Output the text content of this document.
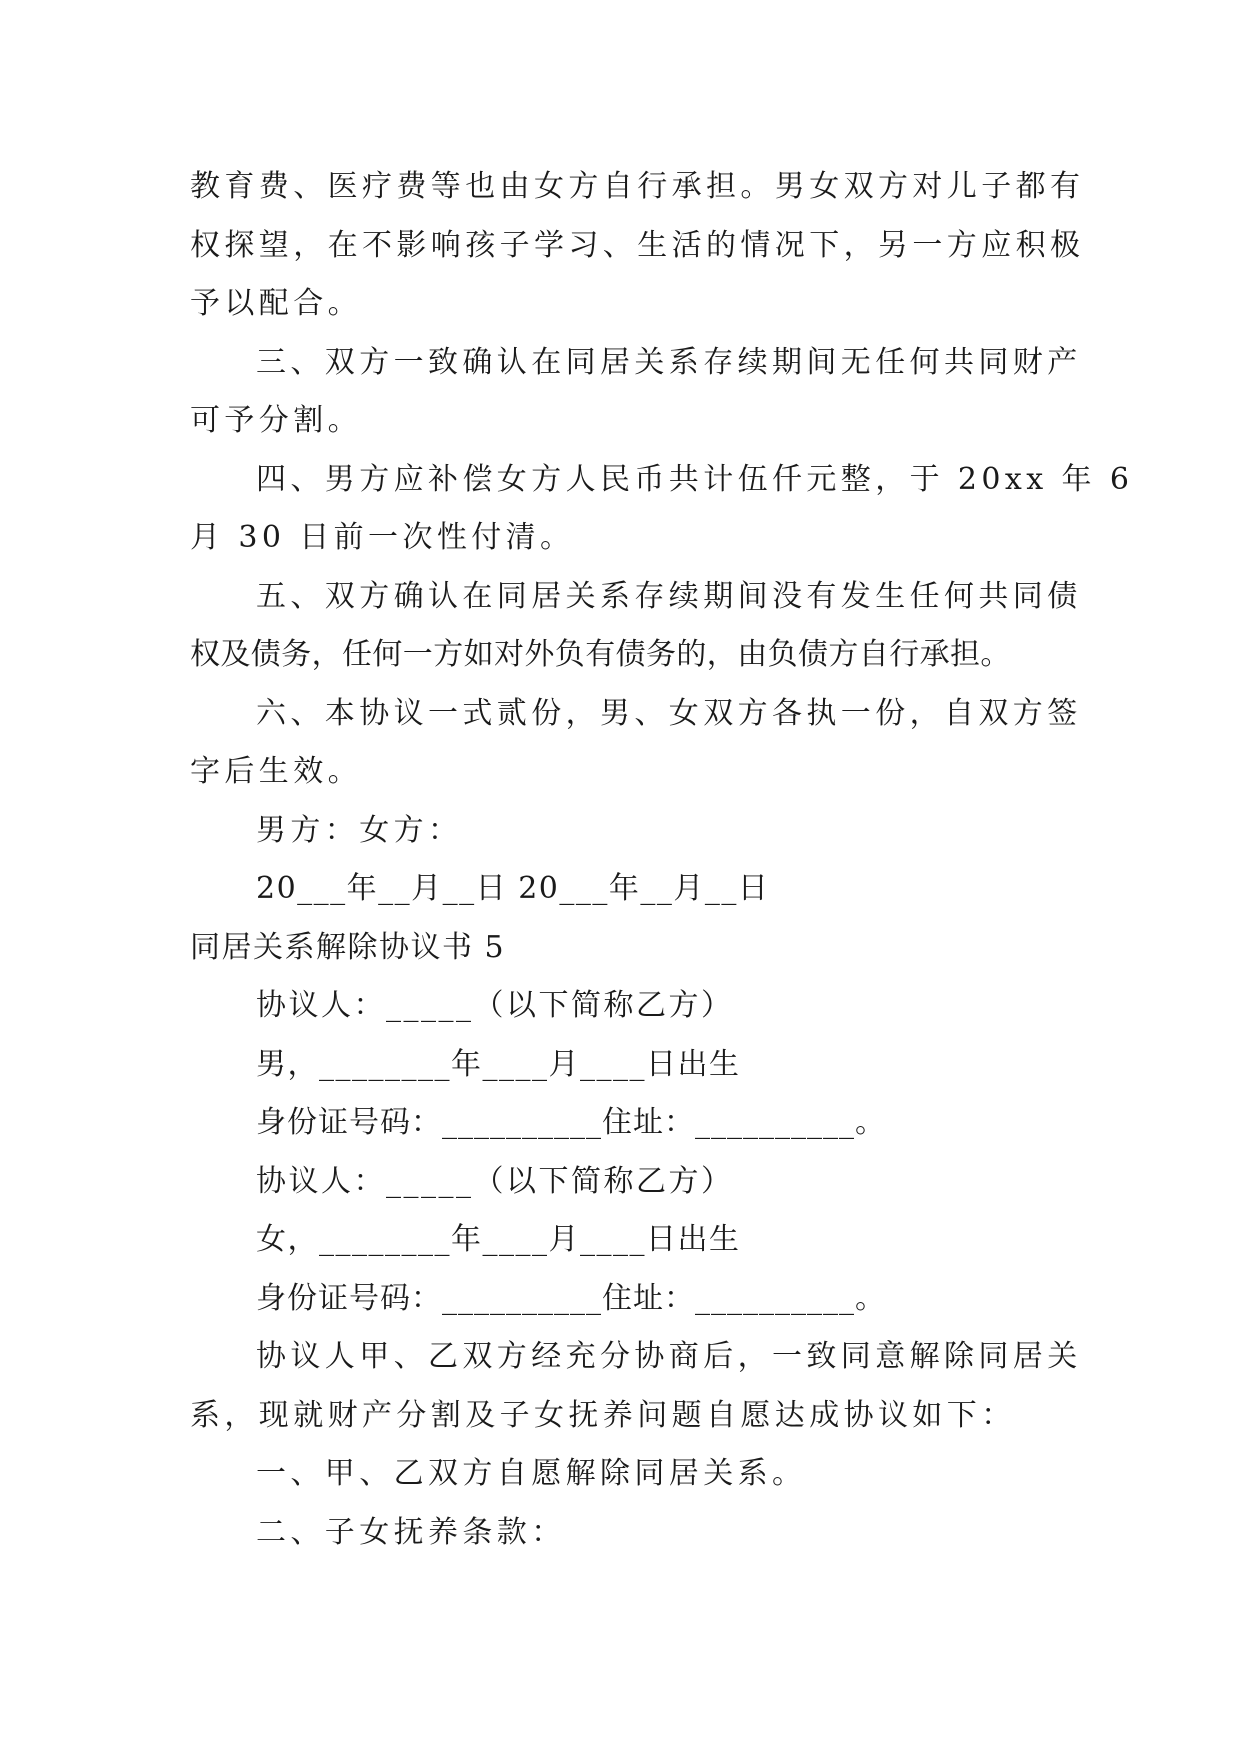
教育费、医疗费等也由女方自行承担。男女双方对儿子都有
权探望，在不影响孩子学习、生活的情况下，另一方应积极
予以配合。
三、双方一致确认在同居关系存续期间无任何共同财产
可予分割。
四、男方应补偿女方人民币共计伍仟元整，于 20xx 年 6
月 30 日前一次性付清。
五、双方确认在同居关系存续期间没有发生任何共同债
权及债务，任何一方如对外负有债务的，由负债方自行承担。
六、本协议一式贰份，男、女双方各执一份，自双方签
字后生效。
男方：女方：
20___年__月__日 20___年__月__日
同居关系解除协议书 5
协议人：_____（以下简称乙方）
男，________年____月____日出生
身份证号码：__________住址：__________。
协议人：_____（以下简称乙方）
女，________年____月____日出生
身份证号码：__________住址：__________。
协议人甲、乙双方经充分协商后，一致同意解除同居关
系，现就财产分割及子女抚养问题自愿达成协议如下：
一、甲、乙双方自愿解除同居关系。
二、子女抚养条款：
